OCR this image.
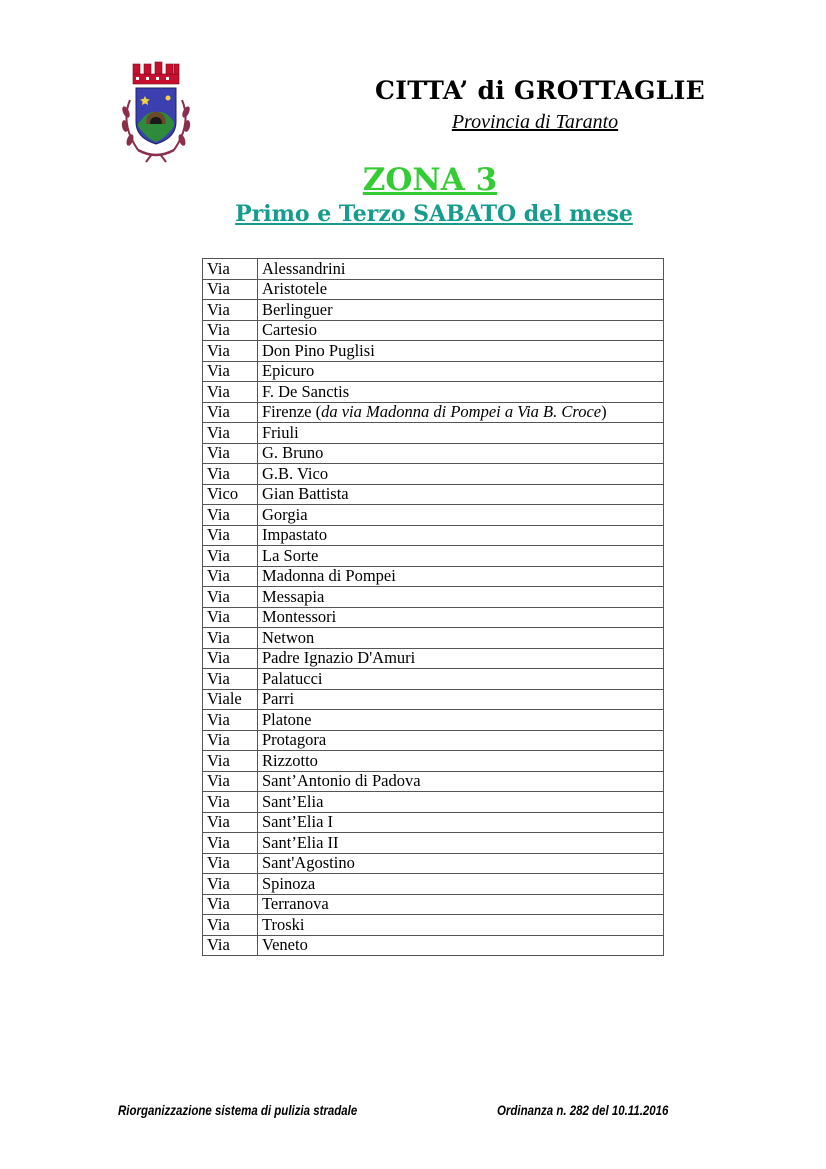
CITTA’ di GROTTAGLIE
Provincia di Taranto
ZONA 3
Primo e Terzo SABATO del mese
Via	Alessandrini
Via	Aristotele
Via	Berlinguer
Via	Cartesio
Via	Don Pino Puglisi
Via	Epicuro
Via	F. De Sanctis
Via	Firenze (da via Madonna di Pompei a Via B. Croce)
Via	Friuli
Via	G. Bruno
Via	G.B. Vico
Vico	Gian Battista
Via	Gorgia
Via	Impastato
Via	La Sorte
Via	Madonna di Pompei
Via	Messapia
Via	Montessori
Via	Netwon
Via	Padre Ignazio D'Amuri
Via	Palatucci
Viale	Parri
Via	Platone
Via	Protagora
Via	Rizzotto
Via	Sant’Antonio di Padova
Via	Sant’Elia
Via	Sant’Elia I
Via	Sant’Elia II
Via	Sant'Agostino
Via	Spinoza
Via	Terranova
Via	Troski
Via	Veneto
Riorganizzazione sistema di pulizia stradale	Ordinanza n. 282 del 10.11.2016
